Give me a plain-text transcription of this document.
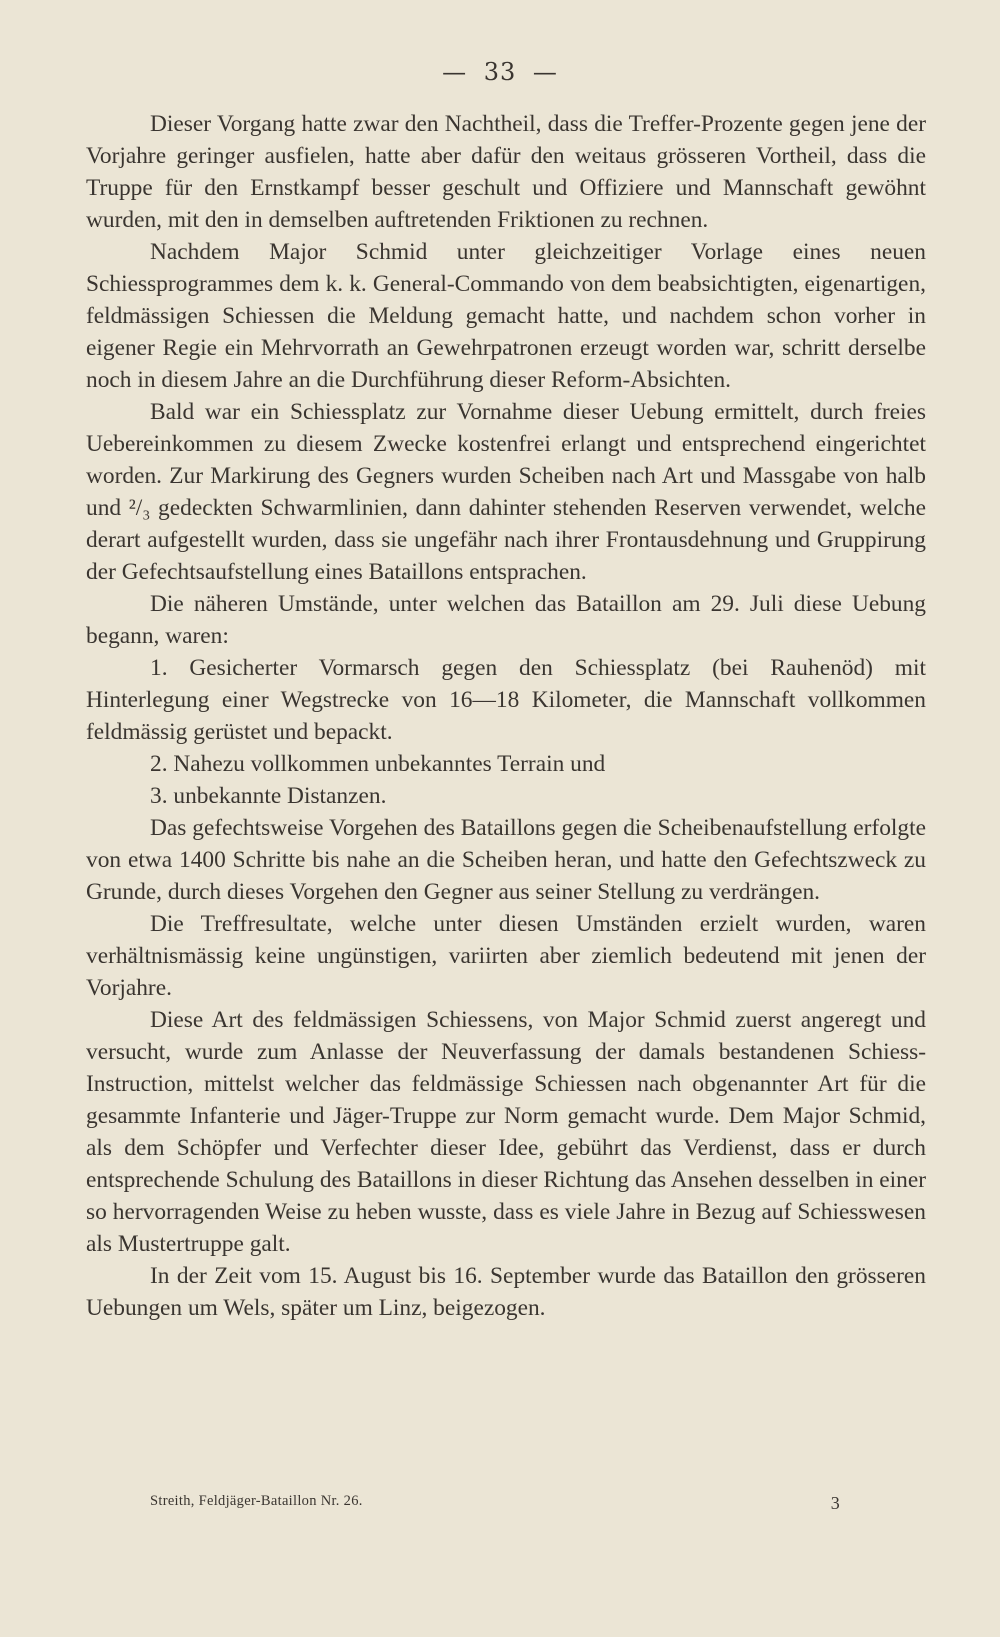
— 33 —

Dieser Vorgang hatte zwar den Nachtheil, dass die Treffer-Prozente gegen jene der Vorjahre geringer ausfielen, hatte aber dafür den weitaus grösseren Vortheil, dass die Truppe für den Ernstkampf besser geschult und Offiziere und Mannschaft gewöhnt wurden, mit den in demselben auftretenden Friktionen zu rechnen.

Nachdem Major Schmid unter gleichzeitiger Vorlage eines neuen Schiessprogrammes dem k. k. General-Commando von dem beabsichtigten, eigenartigen, feldmässigen Schiessen die Meldung gemacht hatte, und nachdem schon vorher in eigener Regie ein Mehrvorrath an Gewehrpatronen erzeugt worden war, schritt derselbe noch in diesem Jahre an die Durchführung dieser Reform-Absichten.

Bald war ein Schiessplatz zur Vornahme dieser Uebung ermittelt, durch freies Uebereinkommen zu diesem Zwecke kostenfrei erlangt und entsprechend eingerichtet worden. Zur Markirung des Gegners wurden Scheiben nach Art und Massgabe von halb und ²/₃ gedeckten Schwarmlinien, dann dahinter stehenden Reserven verwendet, welche derart aufgestellt wurden, dass sie ungefähr nach ihrer Frontausdehnung und Gruppirung der Gefechtsaufstellung eines Bataillons entsprachen.

Die näheren Umstände, unter welchen das Bataillon am 29. Juli diese Uebung begann, waren:

1. Gesicherter Vormarsch gegen den Schiessplatz (bei Rauhenöd) mit Hinterlegung einer Wegstrecke von 16—18 Kilometer, die Mannschaft vollkommen feldmässig gerüstet und bepackt.

2. Nahezu vollkommen unbekanntes Terrain und

3. unbekannte Distanzen.

Das gefechtsweise Vorgehen des Bataillons gegen die Scheibenaufstellung erfolgte von etwa 1400 Schritte bis nahe an die Scheiben heran, und hatte den Gefechtszweck zu Grunde, durch dieses Vorgehen den Gegner aus seiner Stellung zu verdrängen.

Die Treffresultate, welche unter diesen Umständen erzielt wurden, waren verhältnismässig keine ungünstigen, variirten aber ziemlich bedeutend mit jenen der Vorjahre.

Diese Art des feldmässigen Schiessens, von Major Schmid zuerst angeregt und versucht, wurde zum Anlasse der Neuverfassung der damals bestandenen Schiess-Instruction, mittelst welcher das feldmässige Schiessen nach obgenannter Art für die gesammte Infanterie und Jäger-Truppe zur Norm gemacht wurde. Dem Major Schmid, als dem Schöpfer und Verfechter dieser Idee, gebührt das Verdienst, dass er durch entsprechende Schulung des Bataillons in dieser Richtung das Ansehen desselben in einer so hervorragenden Weise zu heben wusste, dass es viele Jahre in Bezug auf Schiesswesen als Mustertruppe galt.

In der Zeit vom 15. August bis 16. September wurde das Bataillon den grösseren Uebungen um Wels, später um Linz, beigezogen.

Streith, Feldjäger-Bataillon Nr. 26.	3
